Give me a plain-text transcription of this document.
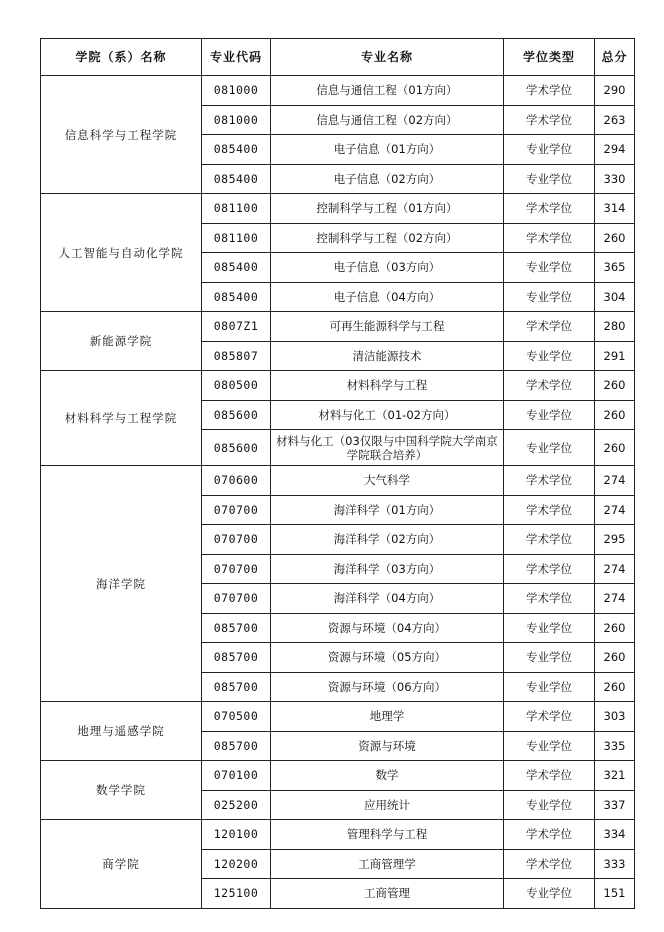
学院（系）名称	专业代码	专业名称	学位类型	总分
信息科学与工程学院	081000	信息与通信工程（01方向）	学术学位	290
	081000	信息与通信工程（02方向）	学术学位	263
	085400	电子信息（01方向）	专业学位	294
	085400	电子信息（02方向）	专业学位	330
人工智能与自动化学院	081100	控制科学与工程（01方向）	学术学位	314
	081100	控制科学与工程（02方向）	学术学位	260
	085400	电子信息（03方向）	专业学位	365
	085400	电子信息（04方向）	专业学位	304
新能源学院	0807Z1	可再生能源科学与工程	学术学位	280
	085807	清洁能源技术	专业学位	291
材料科学与工程学院	080500	材料科学与工程	学术学位	260
	085600	材料与化工（01-02方向）	专业学位	260
	085600	材料与化工（03仅限与中国科学院大学南京学院联合培养）	专业学位	260
海洋学院	070600	大气科学	学术学位	274
	070700	海洋科学（01方向）	学术学位	274
	070700	海洋科学（02方向）	学术学位	295
	070700	海洋科学（03方向）	学术学位	274
	070700	海洋科学（04方向）	学术学位	274
	085700	资源与环境（04方向）	专业学位	260
	085700	资源与环境（05方向）	专业学位	260
	085700	资源与环境（06方向）	专业学位	260
地理与遥感学院	070500	地理学	学术学位	303
	085700	资源与环境	专业学位	335
数学学院	070100	数学	学术学位	321
	025200	应用统计	专业学位	337
商学院	120100	管理科学与工程	学术学位	334
	120200	工商管理学	学术学位	333
	125100	工商管理	专业学位	151
